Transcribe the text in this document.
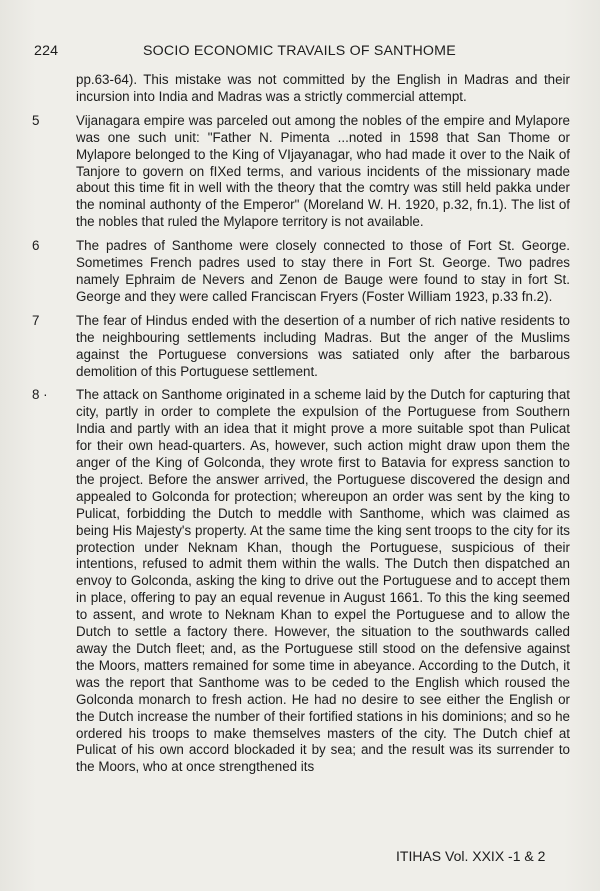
224	SOCIO ECONOMIC TRAVAILS OF SANTHOME
pp.63-64). This mistake was not committed by the English in Madras and their incursion into India and Madras was a strictly commercial attempt.
5	Vijanagara empire was parceled out among the nobles of the empire and Mylapore was one such unit: "Father N. Pimenta ...noted in 1598 that San Thome or Mylapore belonged to the King of VIjayanagar, who had made it over to the Naik of Tanjore to govern on fIXed terms, and various incidents of the missionary made about this time fit in well with the theory that the comtry was still held pakka under the nominal authonty of the Emperor" (Moreland W. H. 1920, p.32, fn.1). The list of the nobles that ruled the Mylapore territory is not available.
6	The padres of Santhome were closely connected to those of Fort St. George. Sometimes French padres used to stay there in Fort St. George. Two padres namely Ephraim de Nevers and Zenon de Bauge were found to stay in fort St. George and they were called Franciscan Fryers (Foster William 1923, p.33 fn.2).
7	The fear of Hindus ended with the desertion of a number of rich native residents to the neighbouring settlements including Madras. But the anger of the Muslims against the Portuguese conversions was satiated only after the barbarous demolition of this Portuguese settlement.
8 · The attack on Santhome originated in a scheme laid by the Dutch for capturing that city, partly in order to complete the expulsion of the Portuguese from Southern India and partly with an idea that it might prove a more suitable spot than Pulicat for their own head-quarters. As, however, such action might draw upon them the anger of the King of Golconda, they wrote first to Batavia for express sanction to the project. Before the answer arrived, the Portuguese discovered the design and appealed to Golconda for protection; whereupon an order was sent by the king to Pulicat, forbidding the Dutch to meddle with Santhome, which was claimed as being His Majesty's property. At the same time the king sent troops to the city for its protection under Neknam Khan, though the Portuguese, suspicious of their intentions, refused to admit them within the walls. The Dutch then dispatched an envoy to Golconda, asking the king to drive out the Portuguese and to accept them in place, offering to pay an equal revenue in August 1661. To this the king seemed to assent, and wrote to Neknam Khan to expel the Portuguese and to allow the Dutch to settle a factory there. However, the situation to the southwards called away the Dutch fleet; and, as the Portuguese still stood on the defensive against the Moors, matters remained for some time in abeyance. According to the Dutch, it was the report that Santhome was to be ceded to the English which roused the Golconda monarch to fresh action. He had no desire to see either the English or the Dutch increase the number of their fortified stations in his dominions; and so he ordered his troops to make themselves masters of the city. The Dutch chief at Pulicat of his own accord blockaded it by sea; and the result was its surrender to the Moors, who at once strengthened its
ITIHAS Vol. XXIX -1 & 2
